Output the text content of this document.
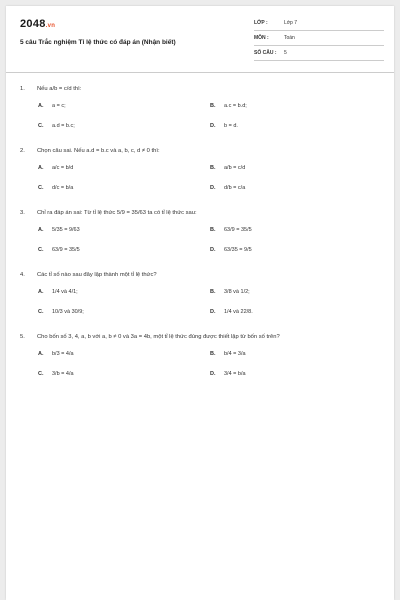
2048.vn
5 câu Trắc nghiệm Tỉ lệ thức có đáp án (Nhận biết)
LỚP :	Lớp 7
MÔN :	Toán
SỐ CÂU :	5
1.	Nếu a/b = c/d thì:
A.	a = c;	B.	a.c = b.d;
C.	a.d = b.c;	D.	b = d.
2.	Chọn câu sai. Nếu a.d = b.c và a, b, c, d ≠ 0 thì:
A.	a/c = b/d	B.	a/b = c/d
C.	d/c = b/a	D.	d/b = c/a
3.	Chỉ ra đáp án sai: Từ tỉ lệ thức 5/9 = 35/63 ta có tỉ lệ thức sau:
A.	5/35 = 9/63	B.	63/9 = 35/5
C.	63/9 = 35/5	D.	63/35 = 9/5
4.	Các tỉ số nào sau đây lập thành một tỉ lệ thức?
A.	1/4 và 4/1;	B.	3/8 và 1/2;
C.	10/3 và 30/9;	D.	1/4 và 22/8.
5.	Cho bốn số 3, 4, a, b với a, b ≠ 0 và 3a = 4b, một tỉ lệ thức đúng được thiết lập từ bốn số trên?
A.	b/3 = 4/a	B.	b/4 = 3/a
C.	3/b = 4/a	D.	3/4 = b/a
